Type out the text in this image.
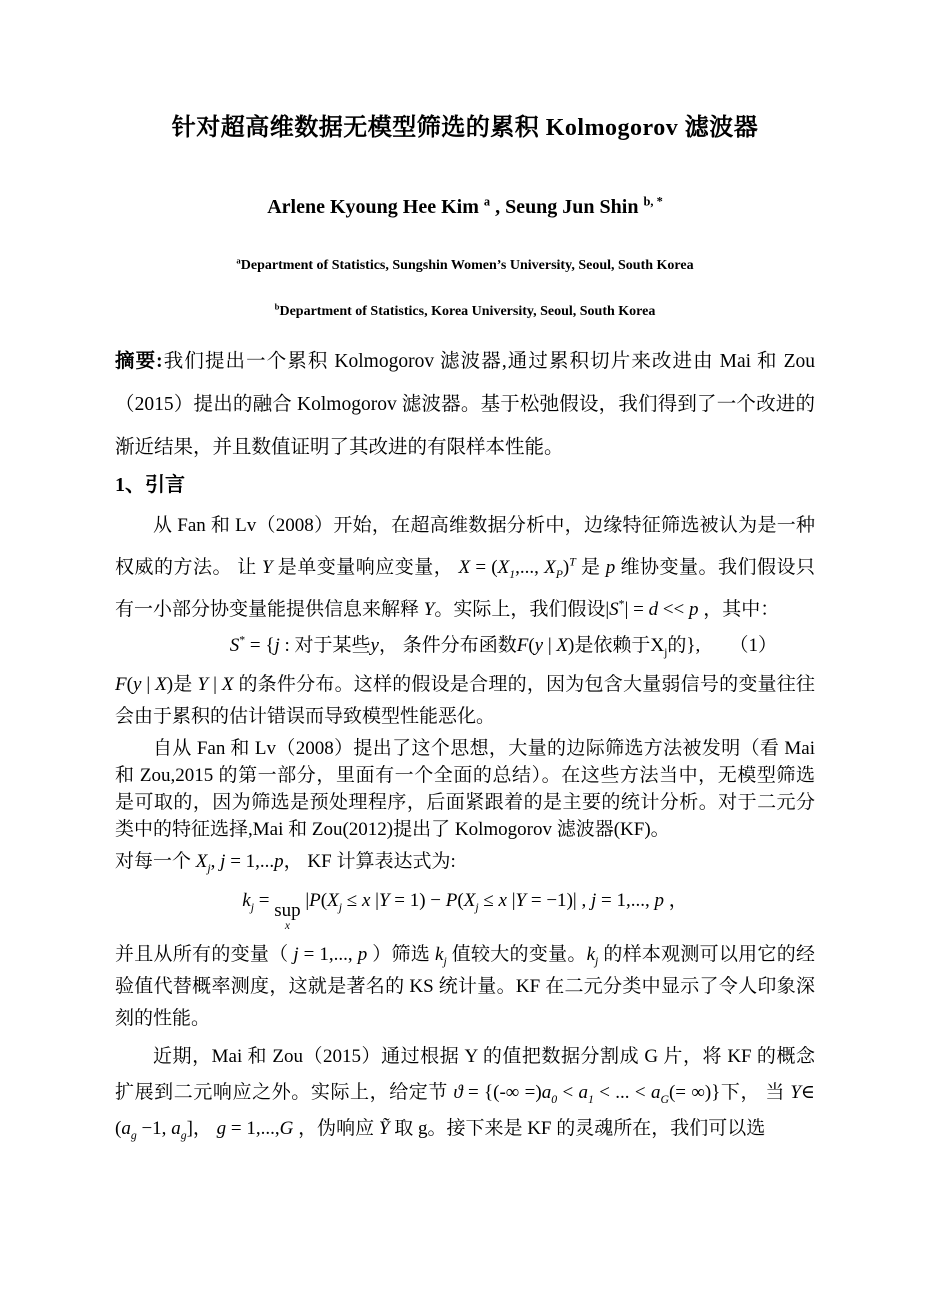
针对超高维数据无模型筛选的累积 Kolmogorov 滤波器
Arlene Kyoung Hee Kim $^a$ , Seung Jun Shin $^{b, *}$
$^a$Department of Statistics, Sungshin Women’s University, Seoul, South Korea
$^b$Department of Statistics, Korea University, Seoul, South Korea

摘要:我们提出一个累积 Kolmogorov 滤波器,通过累积切片来改进由 Mai 和 Zou（2015）提出的融合 Kolmogorov 滤波器。基于松弛假设，我们得到了一个改进的渐近结果，并且数值证明了其改进的有限样本性能。

1、引言

从 Fan 和 Lv（2008）开始，在超高维数据分析中，边缘特征筛选被认为是一种权威的方法。 让 Y 是单变量响应变量， $X = (X_1$,..., $X_P)^T$ 是 p 维协变量。我们假设只有一小部分协变量能提供信息来解释 Y。实际上，我们假设|S*| = d << p ，其中：

S* = {j : 对于某些y， 条件分布函数F(y | X)是依赖于$X_j$的}, （1）

F(y | X)是 Y | X 的条件分布。这样的假设是合理的，因为包含大量弱信号的变量往往会由于累积的估计错误而导致模型性能恶化。

自从 Fan 和 Lv（2008）提出了这个思想，大量的边际筛选方法被发明（看 Mai 和 Zou,2015 的第一部分，里面有一个全面的总结）。在这些方法当中，无模型筛选是可取的，因为筛选是预处理程序，后面紧跟着的是主要的统计分析。对于二元分类中的特征选择,Mai 和 Zou(2012)提出了 Kolmogorov 滤波器(KF)。

对每一个 $X_j$, j = 1,...p， KF 计算表达式为:

$k_j$ = sup
x
$|P(X_j \le x$ $|Y = 1) - P(X_j \le x$ |Y = −1)| , j = 1,..., p ，

并且从所有的变量（ j = 1,..., p ）筛选 $k_j$ 值较大的变量。$k_j$ 的样本观测可以用它的经验值代替概率测度，这就是著名的 KS 统计量。KF 在二元分类中显示了令人印象深刻的性能。

近期，Mai 和 Zou（2015）通过根据 Y 的值把数据分割成 G 片，将 KF 的概念扩展到二元响应之外。实际上，给定节 ϑ = {(-∞ $=)a_0 < a_1$ < ... < $a_G(=$ ∞)}下， 当 Y∈ ($a_g -1$, $a_g$]， g = 1,...,G ，伪响应 Ỹ 取 g。接下来是 KF 的灵魂所在，我们可以选
